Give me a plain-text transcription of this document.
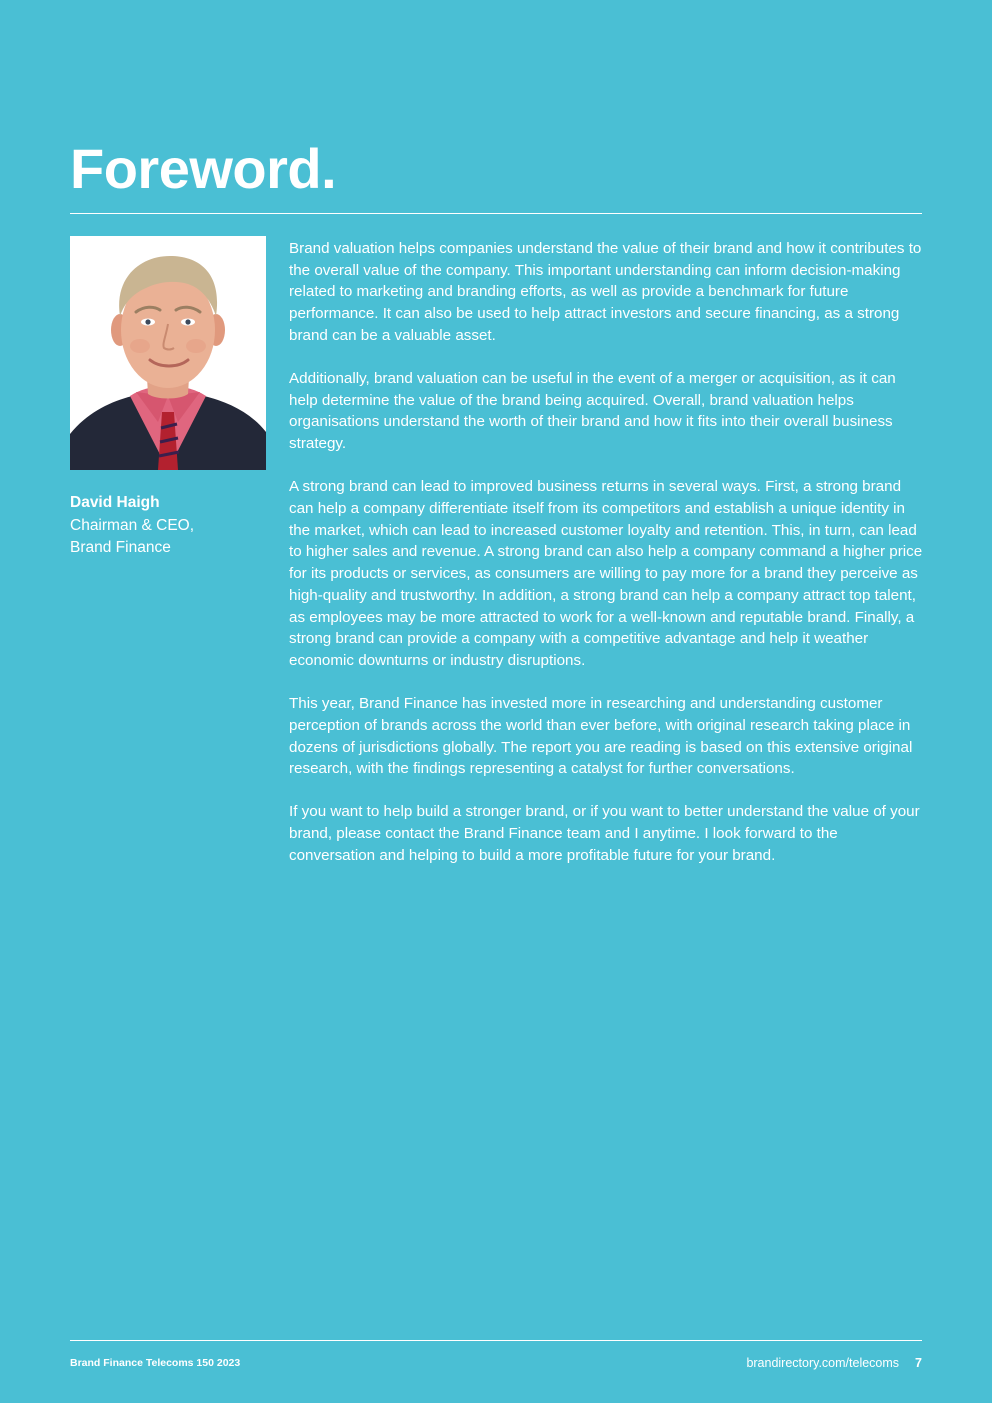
Foreword.
David Haigh
Chairman & CEO,
Brand Finance

Brand valuation helps companies understand the value of their brand and how it contributes to the overall value of the company. This important understanding can inform decision-making related to marketing and branding efforts, as well as provide a benchmark for future performance. It can also be used to help attract investors and secure financing, as a strong brand can be a valuable asset.

Additionally, brand valuation can be useful in the event of a merger or acquisition, as it can help determine the value of the brand being acquired. Overall, brand valuation helps organisations understand the worth of their brand and how it fits into their overall business strategy.

A strong brand can lead to improved business returns in several ways. First, a strong brand can help a company differentiate itself from its competitors and establish a unique identity in the market, which can lead to increased customer loyalty and retention. This, in turn, can lead to higher sales and revenue. A strong brand can also help a company command a higher price for its products or services, as consumers are willing to pay more for a brand they perceive as high-quality and trustworthy. In addition, a strong brand can help a company attract top talent, as employees may be more attracted to work for a well-known and reputable brand. Finally, a strong brand can provide a company with a competitive advantage and help it weather economic downturns or industry disruptions.

This year, Brand Finance has invested more in researching and understanding customer perception of brands across the world than ever before, with original research taking place in dozens of jurisdictions globally. The report you are reading is based on this extensive original research, with the findings representing a catalyst for further conversations.

If you want to help build a stronger brand, or if you want to better understand the value of your brand, please contact the Brand Finance team and I anytime. I look forward to the conversation and helping to build a more profitable future for your brand.

Brand Finance Telecoms 150 2023	brandirectory.com/telecoms 7
